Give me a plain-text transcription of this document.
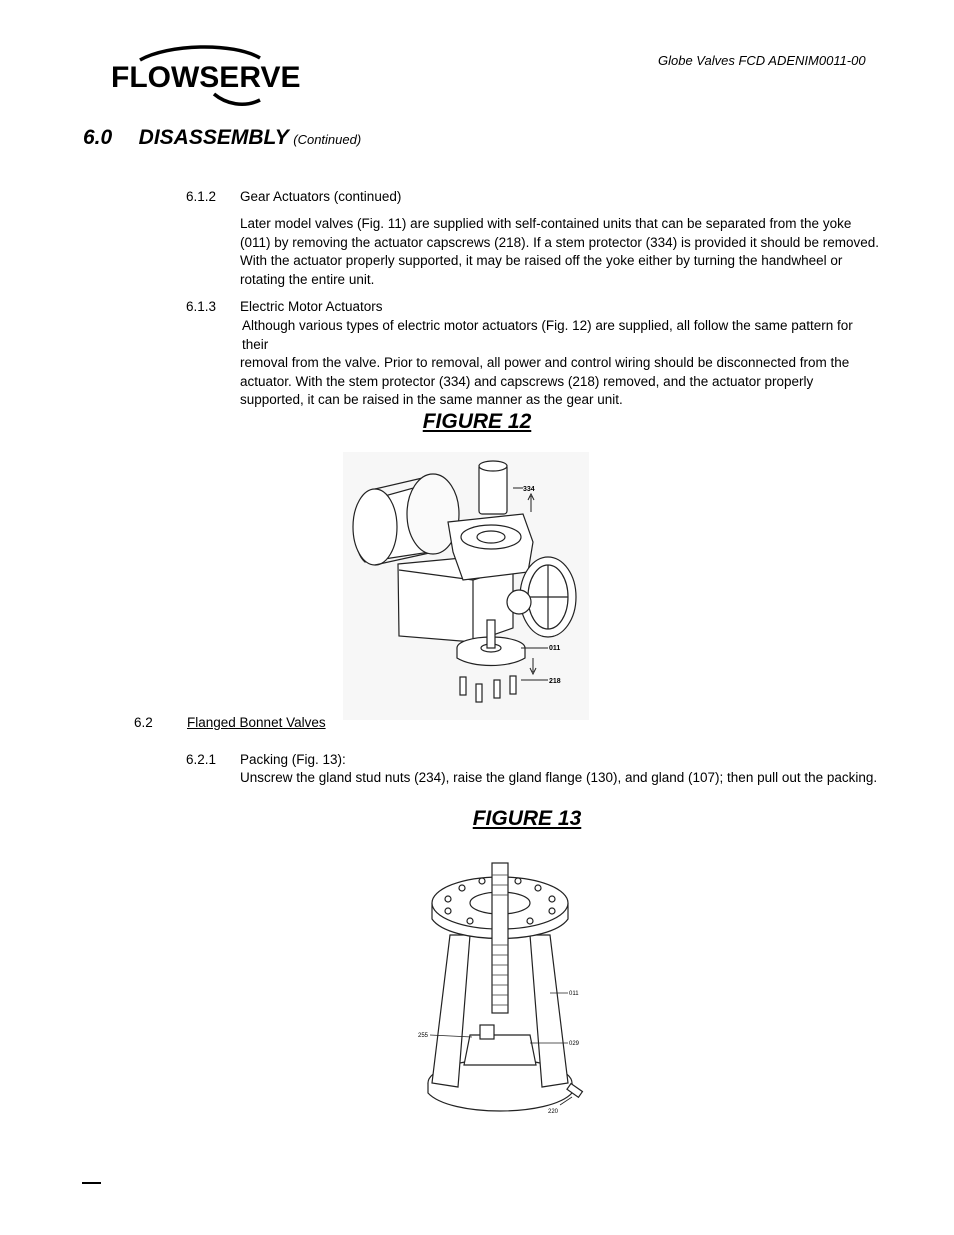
FLOWSERVE
Globe Valves FCD ADENIM0011-00
6.0 DISASSEMBLY (Continued)
6.1.2 Gear Actuators (continued)
Later model valves (Fig. 11) are supplied with self-contained units that can be separated from the yoke
(011) by removing the actuator capscrews (218). If a stem protector (334) is provided it should be removed.
With the actuator properly supported, it may be raised off the yoke either by turning the handwheel or
rotating the entire unit.
6.1.3 Electric Motor Actuators
Although various types of electric motor actuators (Fig. 12) are supplied, all follow the same pattern for their
removal from the valve. Prior to removal, all power and control wiring should be disconnected from the
actuator. With the stem protector (334) and capscrews (218) removed, and the actuator properly
supported, it can be raised in the same manner as the gear unit.
FIGURE 12
334
011
218
6.2	Flanged Bonnet Valves
6.2.1 Packing (Fig. 13):
Unscrew the gland stud nuts (234), raise the gland flange (130), and gland (107); then pull out the packing.
FIGURE 13
011
255
029
220
